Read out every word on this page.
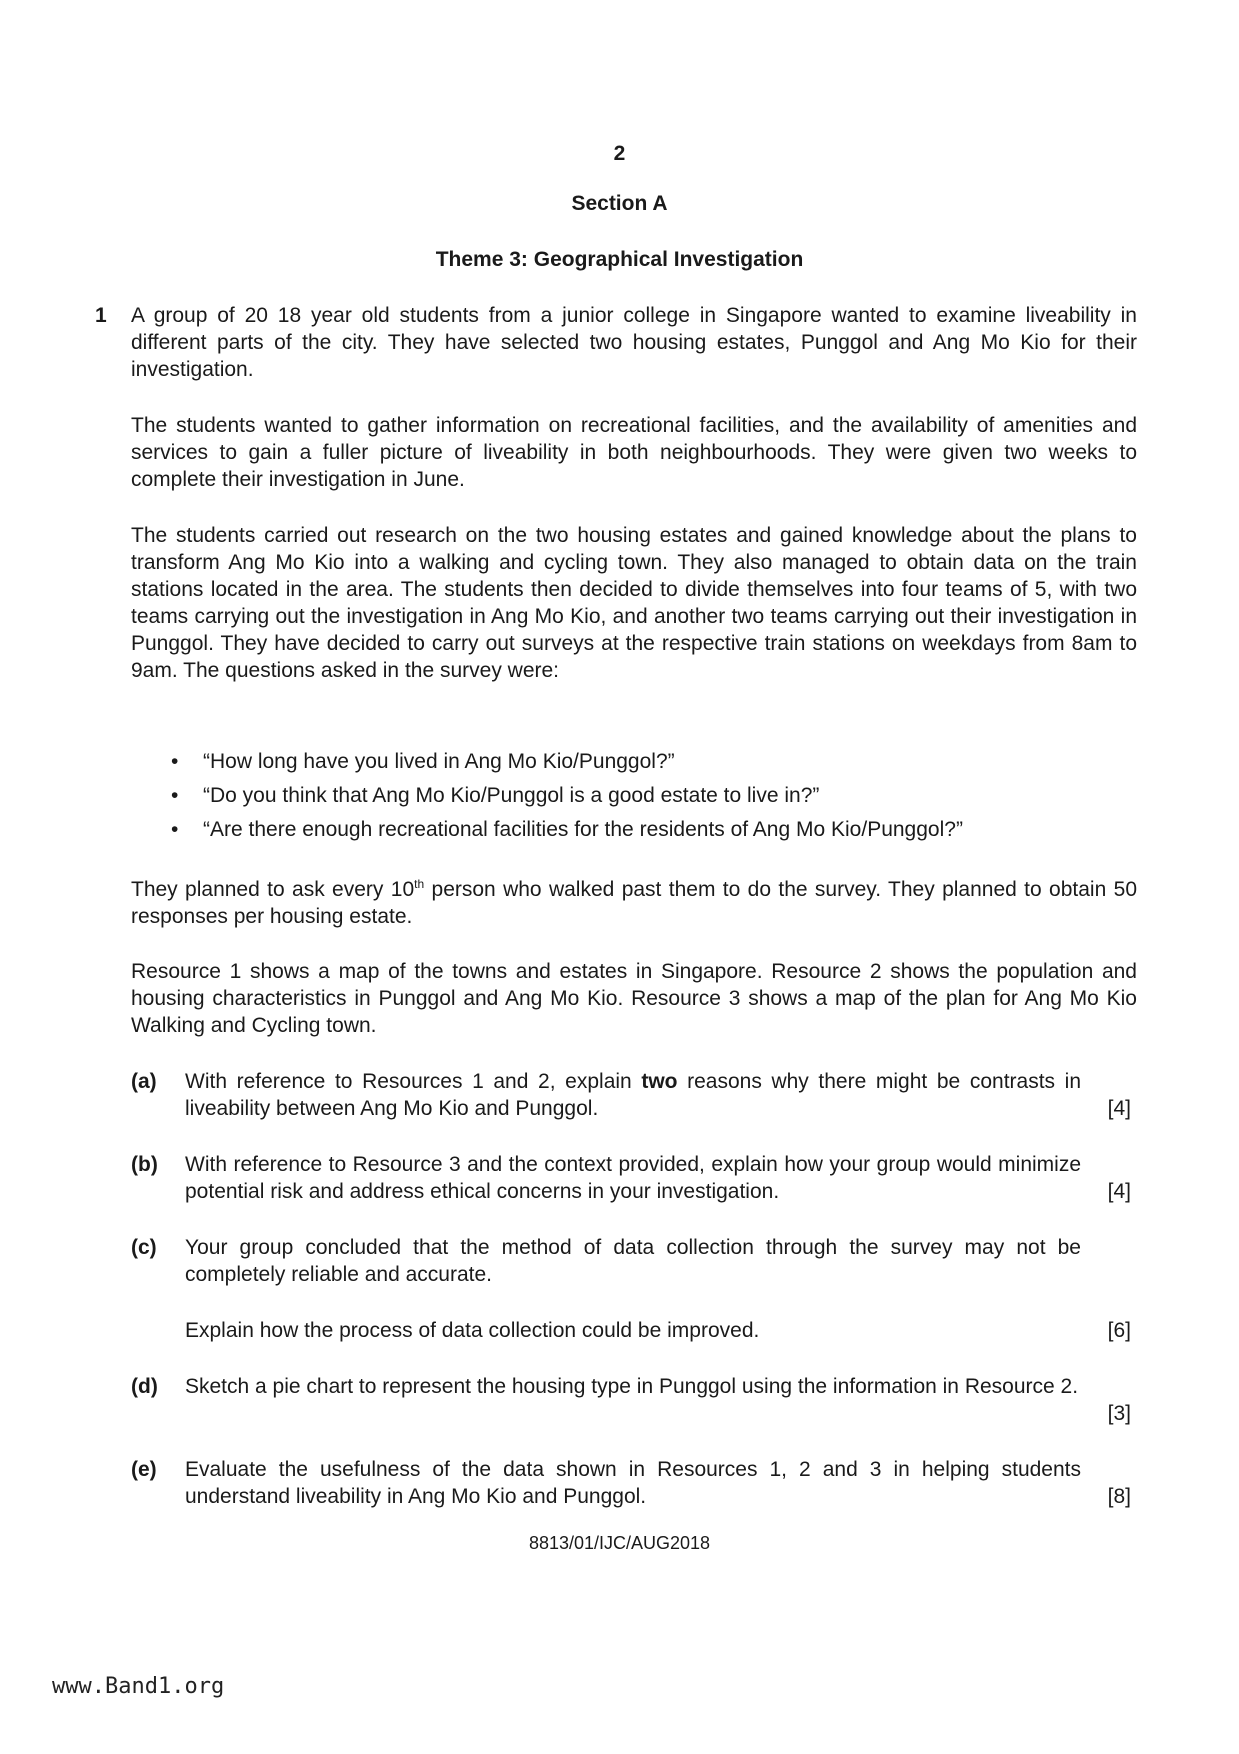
2
Section A
Theme 3: Geographical Investigation
1 A group of 20 18 year old students from a junior college in Singapore wanted to examine liveability in different parts of the city. They have selected two housing estates, Punggol and Ang Mo Kio for their investigation.
The students wanted to gather information on recreational facilities, and the availability of amenities and services to gain a fuller picture of liveability in both neighbourhoods. They were given two weeks to complete their investigation in June.
The students carried out research on the two housing estates and gained knowledge about the plans to transform Ang Mo Kio into a walking and cycling town. They also managed to obtain data on the train stations located in the area. The students then decided to divide themselves into four teams of 5, with two teams carrying out the investigation in Ang Mo Kio, and another two teams carrying out their investigation in Punggol. They have decided to carry out surveys at the respective train stations on weekdays from 8am to 9am. The questions asked in the survey were:
• “How long have you lived in Ang Mo Kio/Punggol?”
• “Do you think that Ang Mo Kio/Punggol is a good estate to live in?”
• “Are there enough recreational facilities for the residents of Ang Mo Kio/Punggol?”
They planned to ask every 10th person who walked past them to do the survey. They planned to obtain 50 responses per housing estate.
Resource 1 shows a map of the towns and estates in Singapore. Resource 2 shows the population and housing characteristics in Punggol and Ang Mo Kio. Resource 3 shows a map of the plan for Ang Mo Kio Walking and Cycling town.
(a) With reference to Resources 1 and 2, explain two reasons why there might be contrasts in liveability between Ang Mo Kio and Punggol.	[4]
(b) With reference to Resource 3 and the context provided, explain how your group would minimize potential risk and address ethical concerns in your investigation.	[4]
(c) Your group concluded that the method of data collection through the survey may not be completely reliable and accurate.
Explain how the process of data collection could be improved.	[6]
(d) Sketch a pie chart to represent the housing type in Punggol using the information in Resource 2.
[3]
(e) Evaluate the usefulness of the data shown in Resources 1, 2 and 3 in helping students understand liveability in Ang Mo Kio and Punggol.	[8]
8813/01/IJC/AUG2018
www.Band1.org
